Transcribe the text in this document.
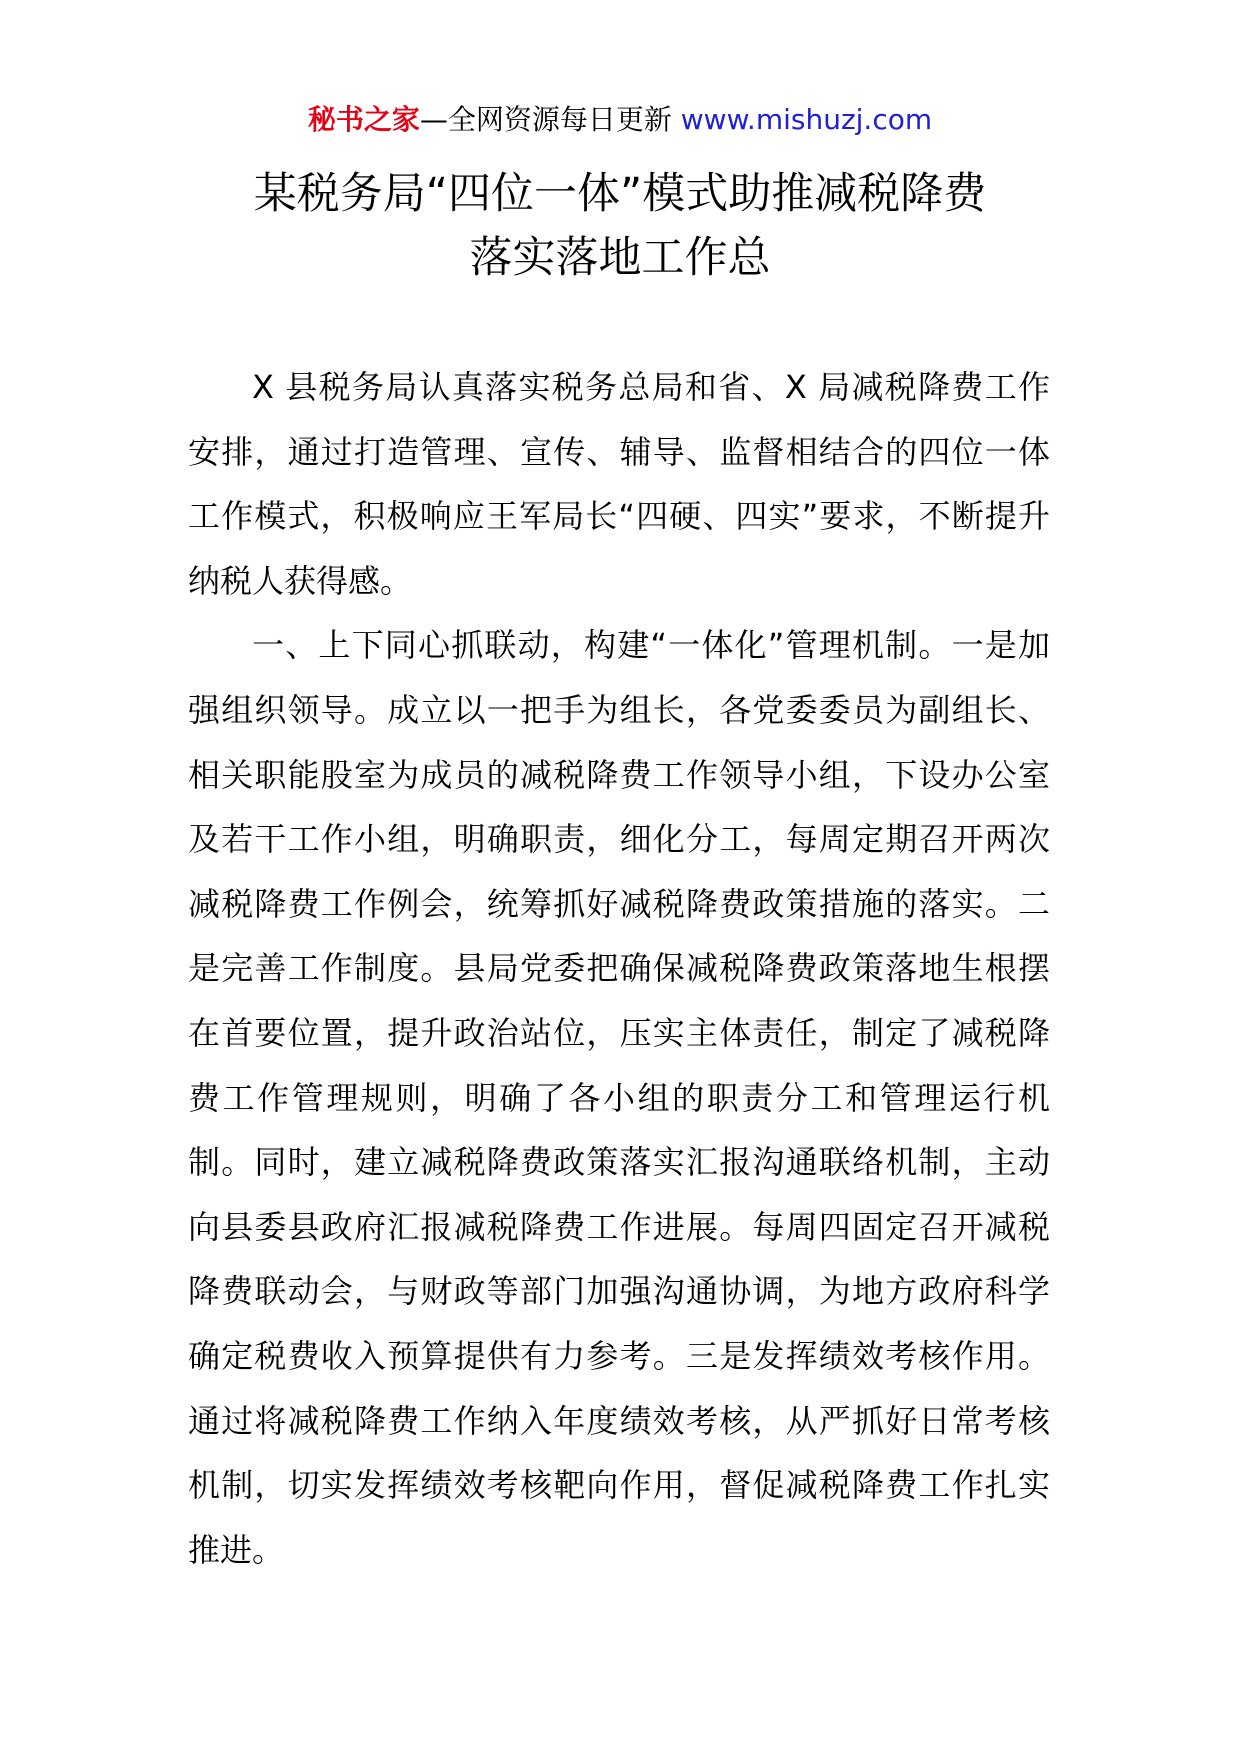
秘书之家—全网资源每日更新 www.mishuzj.com
某税务局“四位一体”模式助推减税降费
落实落地工作总

X 县税务局认真落实税务总局和省、X 局减税降费工作安排，通过打造管理、宣传、辅导、监督相结合的四位一体工作模式，积极响应王军局长“四硬、四实”要求，不断提升纳税人获得感。

一、上下同心抓联动，构建“一体化”管理机制。一是加强组织领导。成立以一把手为组长，各党委委员为副组长、相关职能股室为成员的减税降费工作领导小组，下设办公室及若干工作小组，明确职责，细化分工，每周定期召开两次减税降费工作例会，统筹抓好减税降费政策措施的落实。二是完善工作制度。县局党委把确保减税降费政策落地生根摆在首要位置，提升政治站位，压实主体责任，制定了减税降费工作管理规则，明确了各小组的职责分工和管理运行机制。同时，建立减税降费政策落实汇报沟通联络机制，主动向县委县政府汇报减税降费工作进展。每周四固定召开减税降费联动会，与财政等部门加强沟通协调，为地方政府科学确定税费收入预算提供有力参考。三是发挥绩效考核作用。通过将减税降费工作纳入年度绩效考核，从严抓好日常考核机制，切实发挥绩效考核靶向作用，督促减税降费工作扎实推进。
